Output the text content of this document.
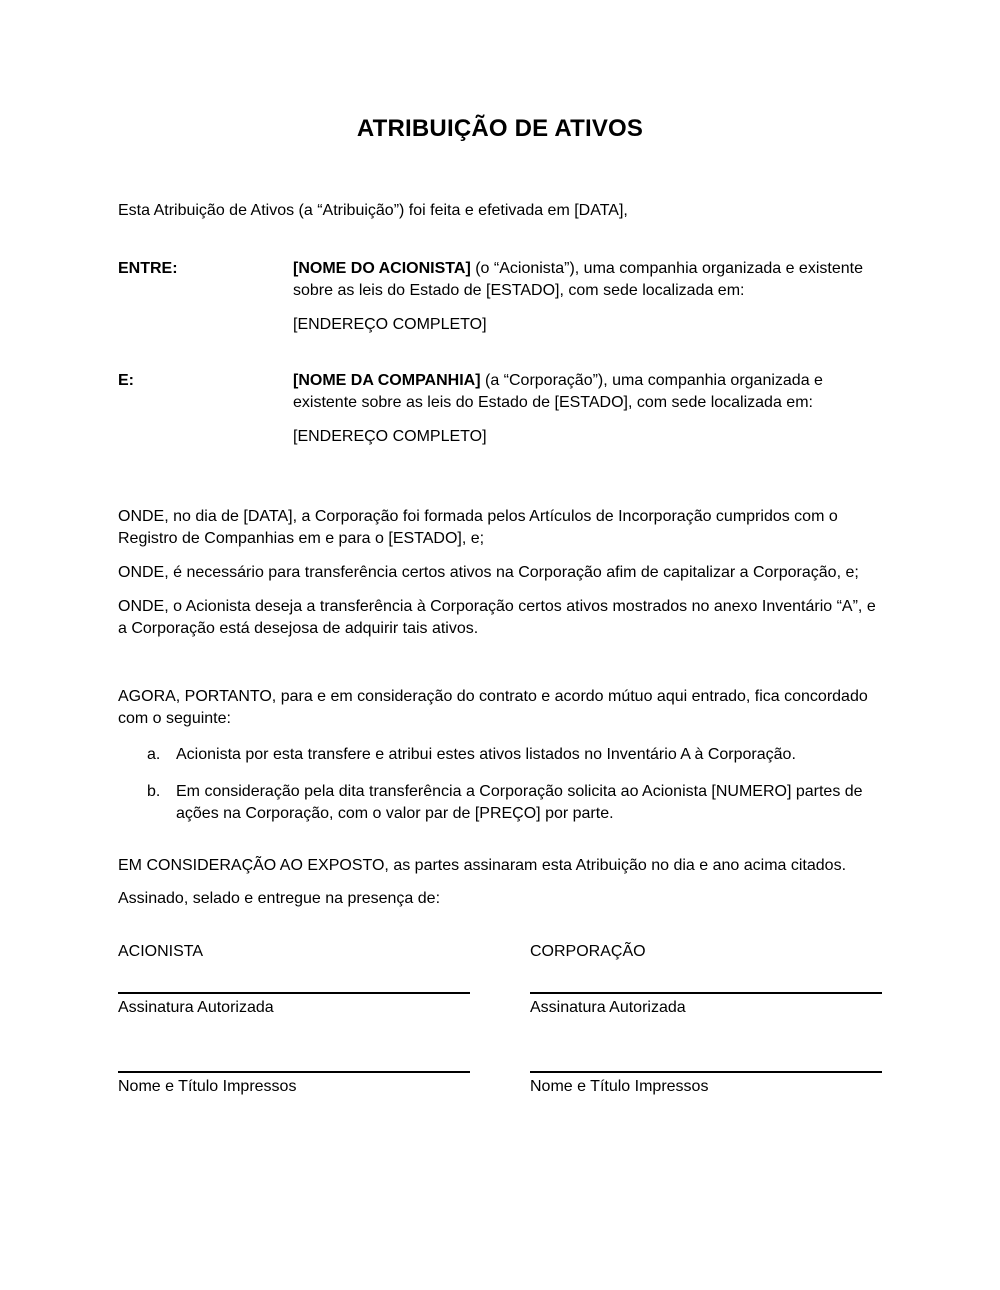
ATRIBUIÇÃO DE ATIVOS

Esta Atribuição de Ativos (a “Atribuição”) foi feita e efetivada em [DATA],

ENTRE:	[NOME DO ACIONISTA] (o “Acionista”), uma companhia organizada e existente sobre as leis do Estado de [ESTADO], com sede localizada em:

[ENDEREÇO COMPLETO]

E:	[NOME DA COMPANHIA] (a “Corporação”), uma companhia organizada e existente sobre as leis do Estado de [ESTADO], com sede localizada em:

[ENDEREÇO COMPLETO]

ONDE, no dia de [DATA], a Corporação foi formada pelos Artículos de Incorporação cumpridos com o Registro de Companhias em e para o [ESTADO], e;

ONDE, é necessário para transferência certos ativos na Corporação afim de capitalizar a Corporação, e;

ONDE, o Acionista deseja a transferência à Corporação certos ativos mostrados no anexo Inventário “A”, e a Corporação está desejosa de adquirir tais ativos.

AGORA, PORTANTO, para e em consideração do contrato e acordo mútuo aqui entrado, fica concordado com o seguinte:

a. Acionista por esta transfere e atribui estes ativos listados no Inventário A à Corporação.
b. Em consideração pela dita transferência a Corporação solicita ao Acionista [NUMERO] partes de ações na Corporação, com o valor par de [PREÇO] por parte.

EM CONSIDERAÇÃO AO EXPOSTO, as partes assinaram esta Atribuição no dia e ano acima citados.

Assinado, selado e entregue na presença de:

ACIONISTA
Assinatura Autorizada
Nome e Título Impressos
CORPORAÇÃO
Assinatura Autorizada
Nome e Título Impressos
